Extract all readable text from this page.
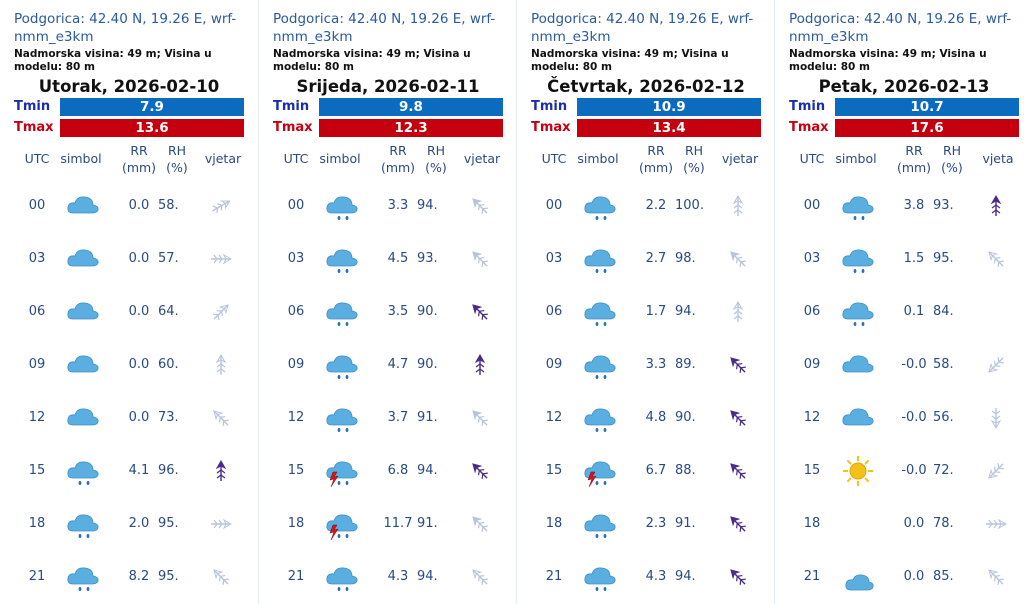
Podgorica: 42.40 N, 19.26 E, wrf-nmm_e3km
Nadmorska visina: 49 m; Visina u modelu: 80 m
Utorak, 2026-02-10
Tmin	7.9
Tmax	13.6
UTC simbol
RR
(mm)
RH
(%)
vjetar
00	0.0 58.
03	0.0 57.
06	0.0 64.
09	0.0 60.
12	0.0 73.
15	4.1 96.
18	2.0 95.
21	8.2 95.
Podgorica: 42.40 N, 19.26 E, wrf-nmm_e3km
Nadmorska visina: 49 m; Visina u modelu: 80 m
Srijeda, 2026-02-11
Tmin	9.8
Tmax	12.3
UTC simbol
RR
(mm)
RH
(%)
vjetar
00	3.3 94.
03	4.5 93.
06	3.5 90.
09	4.7 90.
12	3.7 91.
15	6.8 94.
18	11.7 91.
21	4.3 94.
Podgorica: 42.40 N, 19.26 E, wrf-nmm_e3km
Nadmorska visina: 49 m; Visina u modelu: 80 m
Četvrtak, 2026-02-12
Tmin	10.9
Tmax	13.4
UTC simbol
RR
(mm)
RH
(%)
vjetar
00	2.2 100.
03	2.7 98.
06	1.7 94.
09	3.3 89.
12	4.8 90.
15	6.7 88.
18	2.3 91.
21	4.3 94.
Podgorica: 42.40 N, 19.26 E, wrf-nmm_e3km
Nadmorska visina: 49 m; Visina u modelu: 80 m
Petak, 2026-02-13
Tmin	10.7
Tmax	17.6
UTC simbol
RR
(mm)
RH
(%)
vjeta
00	3.8 93.
03	1.5 95.
06	0.1 84.
09	-0.0 58.
12	-0.0 56.
15	-0.0 72.
18	0.0 78.
21	0.0 85.
